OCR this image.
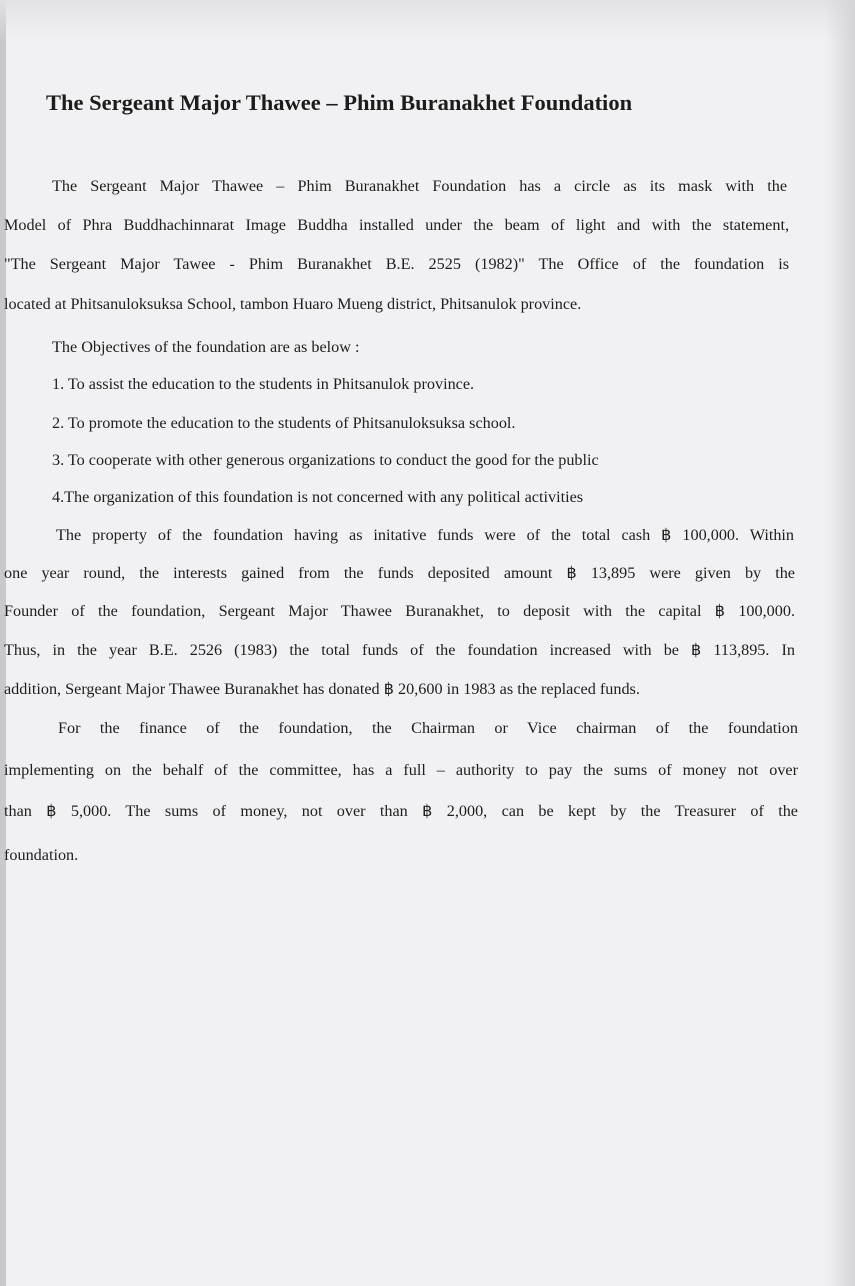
The Sergeant Major Thawee – Phim Buranakhet Foundation
The Sergeant Major Thawee – Phim Buranakhet Foundation has a circle as its mask with the
Model of Phra Buddhachinnarat Image Buddha installed under the beam of light and with the statement,
"The Sergeant Major Tawee - Phim Buranakhet B.E. 2525 (1982)" The Office of the foundation is
located at Phitsanuloksuksa School, tambon Huaro Mueng district, Phitsanulok province.
The Objectives of the foundation are as below :
1. To assist the education to the students in Phitsanulok province.
2. To promote the education to the students of Phitsanuloksuksa school.
3. To cooperate with other generous organizations to conduct the good for the public
4.The organization of this foundation is not concerned with any political activities
The property of the foundation having as initative funds were of the total cash ฿ 100,000. Within
one year round, the interests gained from the funds deposited amount ฿ 13,895 were given by the
Founder of the foundation, Sergeant Major Thawee Buranakhet, to deposit with the capital ฿ 100,000.
Thus, in the year B.E. 2526 (1983) the total funds of the foundation increased with be ฿ 113,895. In
addition, Sergeant Major Thawee Buranakhet has donated ฿ 20,600 in 1983 as the replaced funds.
For the finance of the foundation, the Chairman or Vice chairman of the foundation
implementing on the behalf of the committee, has a full – authority to pay the sums of money not over
than ฿ 5,000. The sums of money, not over than ฿ 2,000, can be kept by the Treasurer of the
foundation.
